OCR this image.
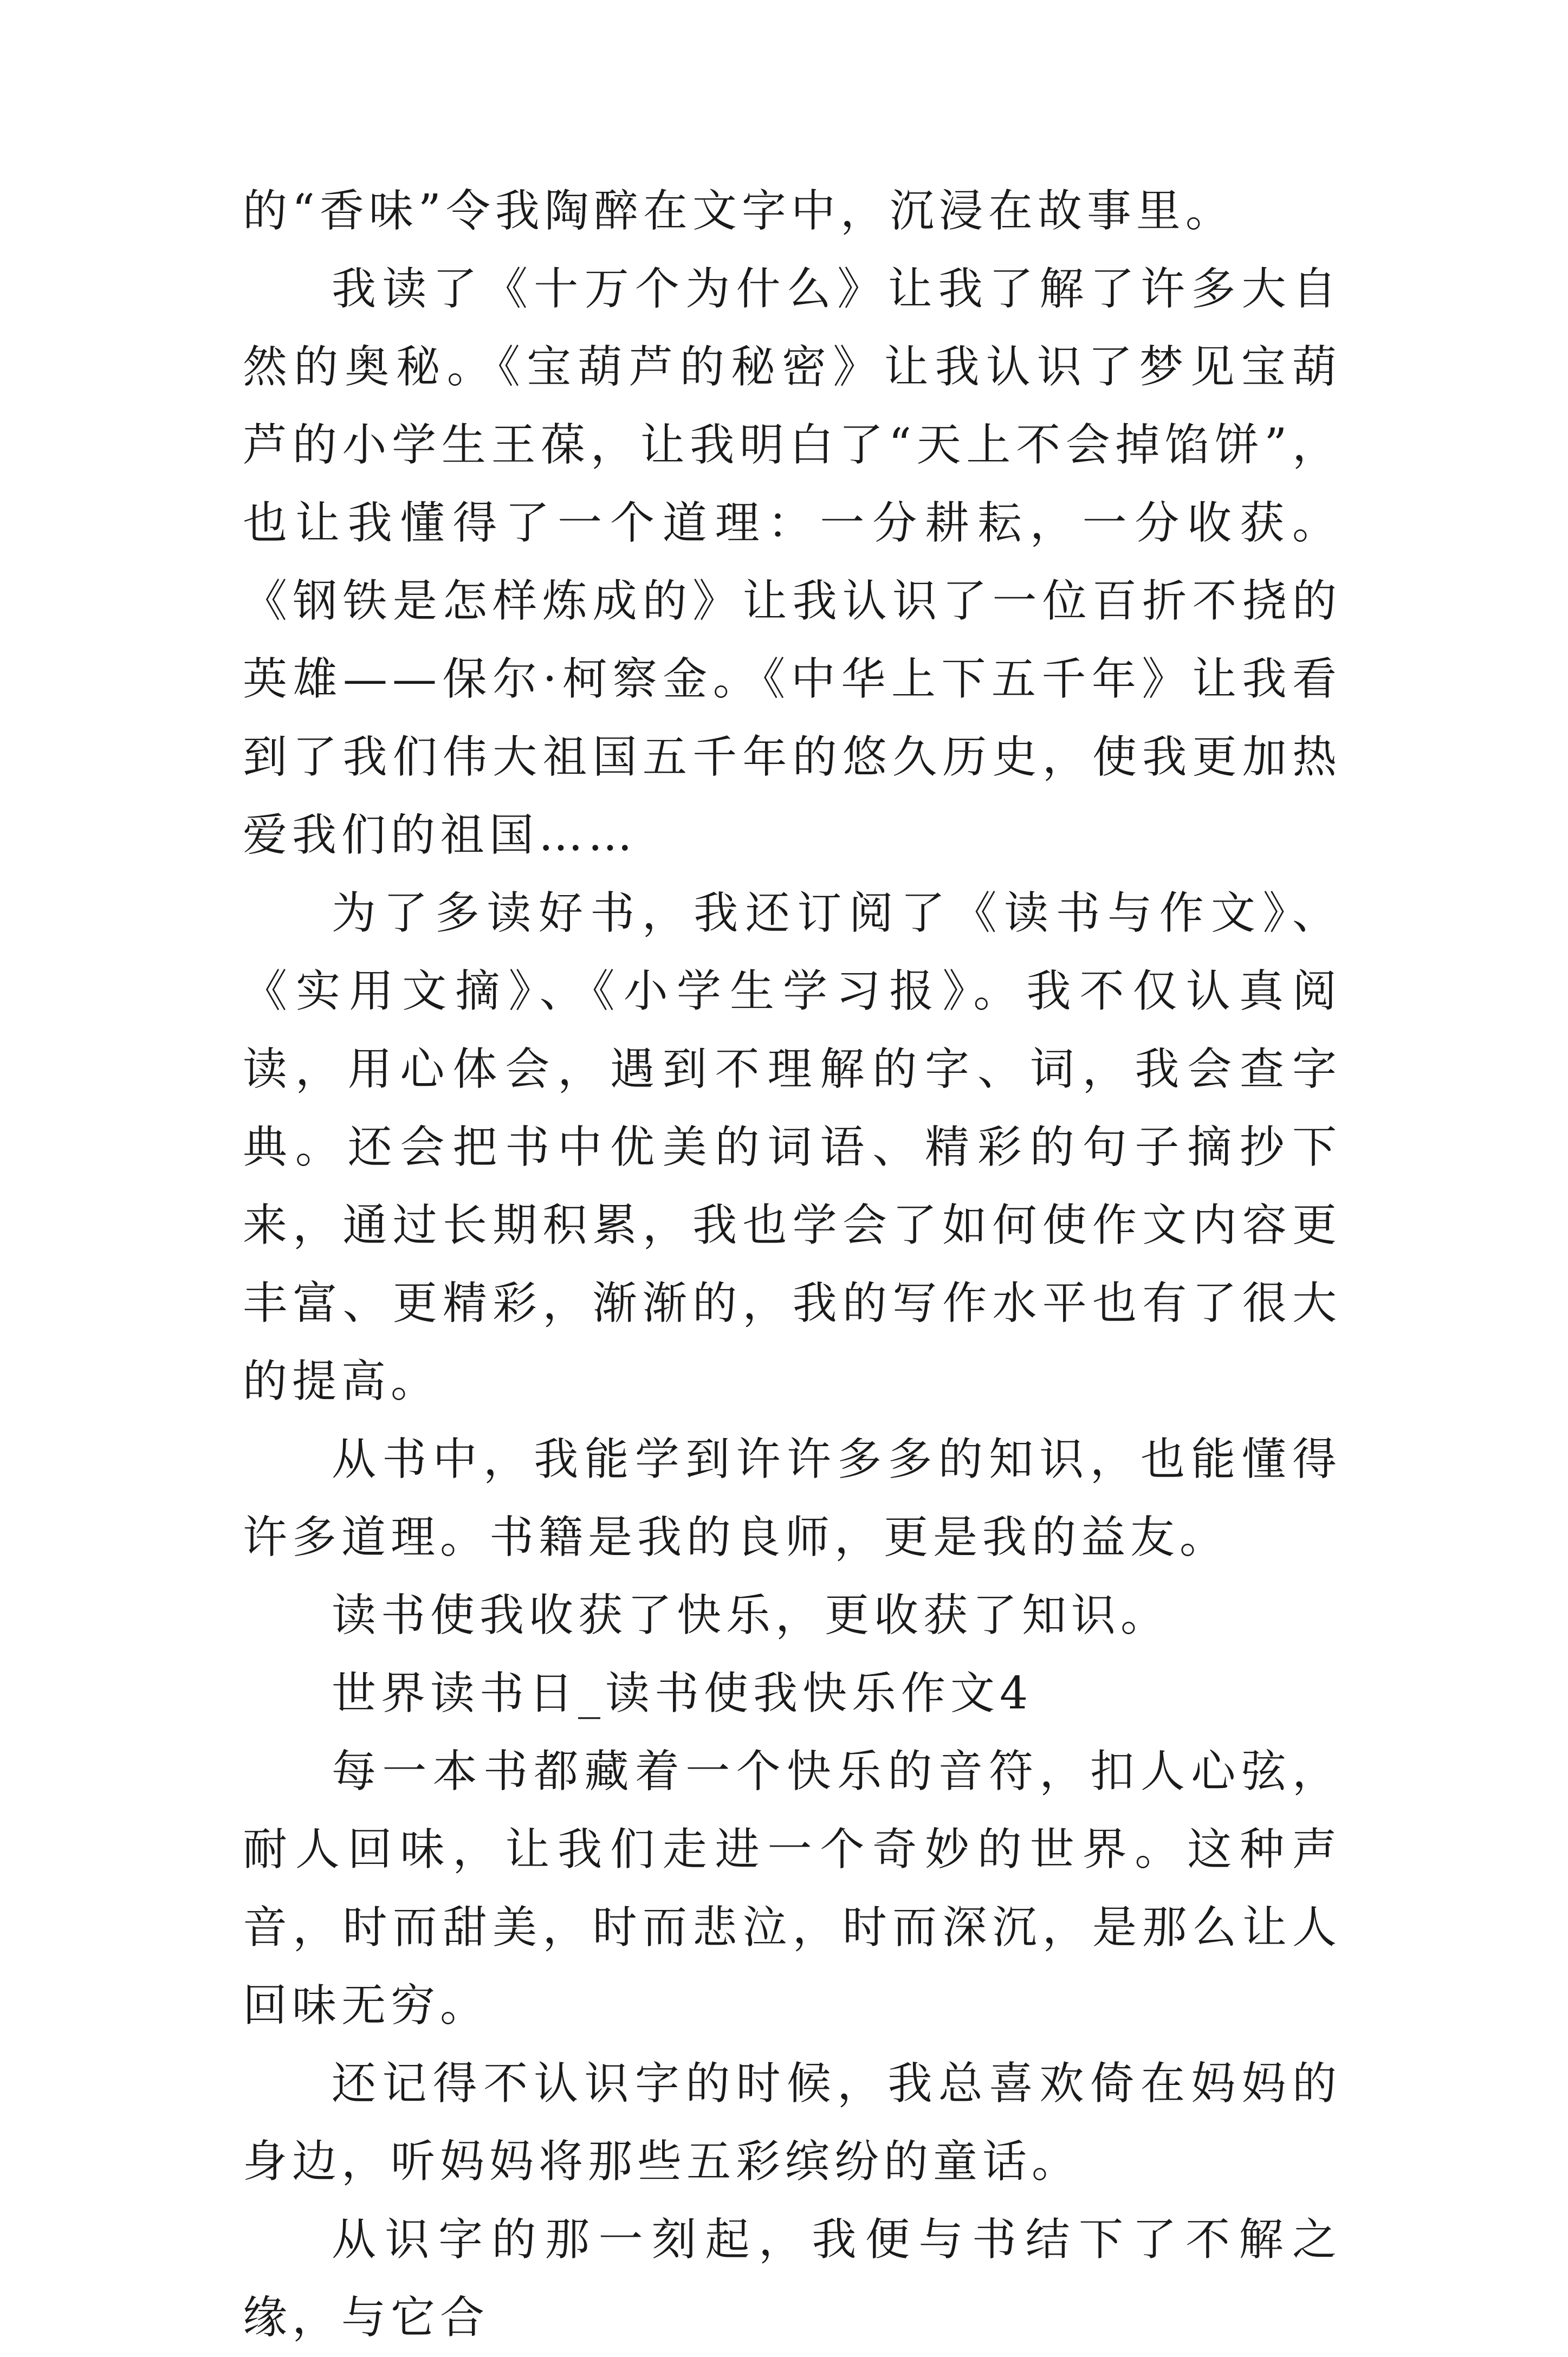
的“香味”令我陶醉在文字中，沉浸在故事里。

我读了《十万个为什么》让我了解了许多大自然的奥秘。《宝葫芦的秘密》让我认识了梦见宝葫芦的小学生王葆，让我明白了“天上不会掉馅饼”，也让我懂得了一个道理：一分耕耘，一分收获。《钢铁是怎样炼成的》让我认识了一位百折不挠的英雄——保尔·柯察金。《中华上下五千年》让我看到了我们伟大祖国五千年的悠久历史，使我更加热爱我们的祖国……

为了多读好书，我还订阅了《读书与作文》、《实用文摘》、《小学生学习报》。我不仅认真阅读，用心体会，遇到不理解的字、词，我会查字典。还会把书中优美的词语、精彩的句子摘抄下来，通过长期积累，我也学会了如何使作文内容更丰富、更精彩，渐渐的，我的写作水平也有了很大的提高。

从书中，我能学到许许多多的知识，也能懂得许多道理。书籍是我的良师，更是我的益友。

读书使我收获了快乐，更收获了知识。

世界读书日_读书使我快乐作文4

每一本书都藏着一个快乐的音符，扣人心弦，耐人回味，让我们走进一个奇妙的世界。这种声音，时而甜美，时而悲泣，时而深沉，是那么让人回味无穷。

还记得不认识字的时候，我总喜欢倚在妈妈的身边，听妈妈将那些五彩缤纷的童话。

从识字的那一刻起，我便与书结下了不解之缘，与它合
